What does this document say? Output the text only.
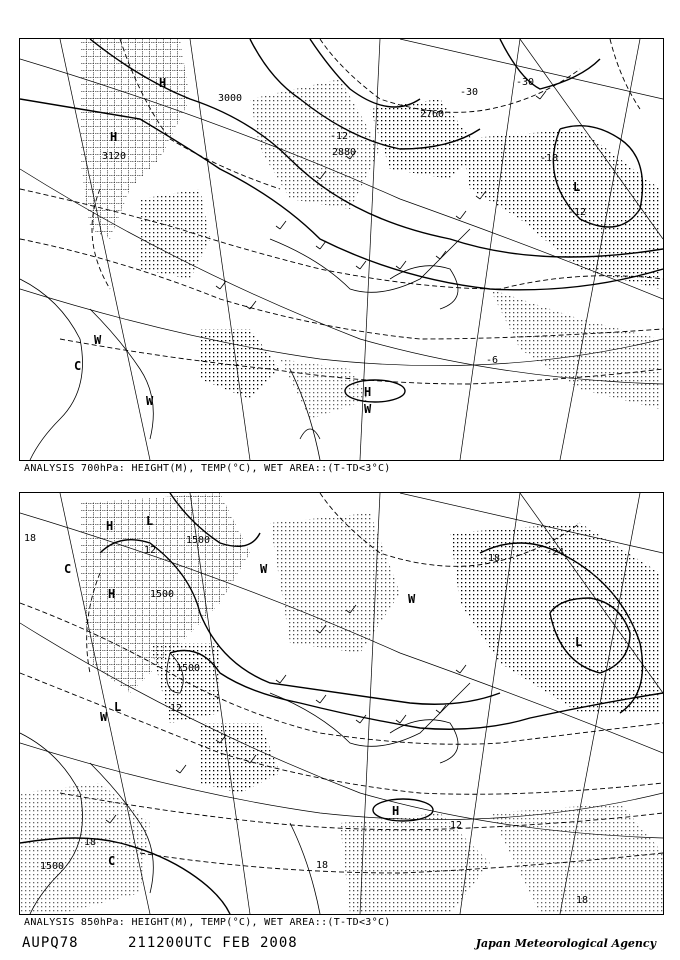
3000
3120	2880
2760
-30
-30
-18
-12
-6
-12
H
H
L
H
W
W
C
W
ANALYSIS 700hPa: HEIGHT(M), TEMP(°C), WET AREA::(T-TD<3°C)
1500
1500
1500
1500
18
12
12	-24
-18
12
18
18
18
H	L
H
W
L
C
H
L
W
C
W
ANALYSIS 850hPa: HEIGHT(M), TEMP(°C), WET AREA::(T-TD<3°C)
AUPQ78	211200UTC FEB 2008	Japan Meteorological Agency
